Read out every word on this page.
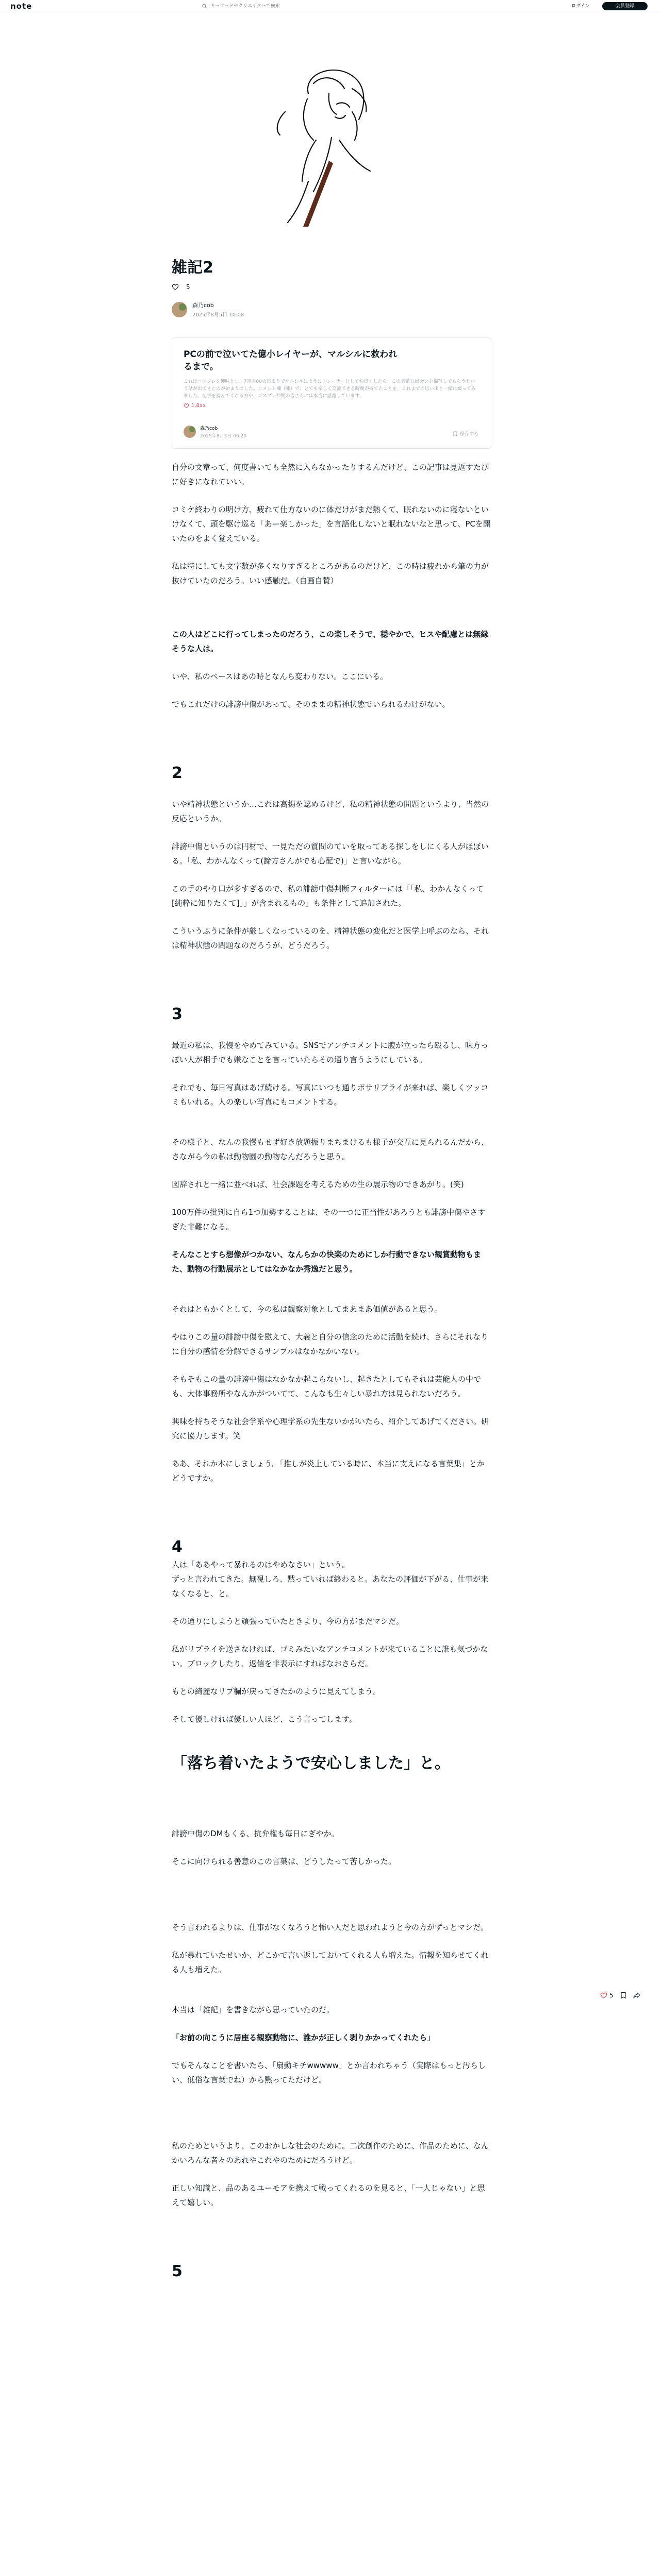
note
キーワードやクリエイターで検索	ログイン	会員登録
雑記2
5
森乃cob
2025年8月5日 10:08
PCの前で泣いてた億小レイヤーが、マルシルに救われるまで。
これはコスプレを趣味とし、7月の00の集まりでマルシルにようにトレーナーとして仲良くしたら、この素敵な出会いを描写してもらうという話が出てきたのが始まりでした。コメント欄（嘘）で、とても楽しく交流できる時間が持てたことを、これまでの思い出と一緒に綴ってみました。記事を読んでくれる方や、コスプレ仲間の皆さんには本当に感謝しています。
1,8xx
森乃cob
2025年8月3日 06:20	保存する
自分の文章って、何度書いても全然に入らなかったりするんだけど、この記事は見返すたびに好きになれていい。
コミケ終わりの明け方、疲れて仕方ないのに体だけがまだ熱くて、眠れないのに寝ないといけなくて、頭を駆け巡る「あー楽しかった」を言語化しないと眠れないなと思って、PCを開いたのをよく覚えている。
私は特にしても文字数が多くなりすぎるところがあるのだけど、この時は疲れから筆の力が抜けていたのだろう。いい感触だ。（自画自賛）
この人はどこに行ってしまったのだろう、この楽しそうで、穏やかで、ヒスや配慮とは無縁そうな人は。
いや、私のベースはあの時となんら変わりない。ここにいる。
でもこれだけの誹謗中傷があって、そのままの精神状態でいられるわけがない。
2
いや精神状態というか…これは高揚を認めるけど、私の精神状態の問題というより、当然の反応というか。
誹謗中傷というのは円材で、一見ただの質問のていを取ってある探しをしにくる人がほぼいる。「私、わかんなくって(諦方さんがでも心配で)」と言いながら。
この手のやり口が多すぎるので、私の誹謗中傷判断フィルターには「「私、わかんなくって[純粋に知りたくて]」」が含まれるもの」も条件として追加された。
こういうふうに条件が厳しくなっているのを、精神状態の変化だと医学上呼ぶのなら、それは精神状態の問題なのだろうが、どうだろう。
3
最近の私は、我慢をやめてみている。SNSでアンチコメントに腹が立ったら殴るし、味方っぽい人が相手でも嫌なことを言っていたらその通り言うようにしている。
それでも、毎日写真はあげ続ける。写真にいつも通りポサリプライが来れば、楽しくツッコミもいれる。人の楽しい写真にもコメントする。
その様子と、なんの我慢もせず好き放題振りまちまけるも様子が交互に見られるんだから、さながら今の私は動物園の動物なんだろうと思う。
図辞されと一緒に並べれば、社会課題を考えるための生の展示物のできあがり。(笑)
100万件の批判に自ら1つ加勢することは、その一つに正当性があろうとも誹謗中傷やさすぎた非難になる。
そんなことすら想像がつかない、なんらかの快楽のためにしか行動できない観賞動物もまた、動物の行動展示としてはなかなか秀逸だと思う。
それはともかくとして、今の私は観察対象としてまあまあ価値があると思う。
やはりこの量の誹謗中傷を慰えて、大義と自分の信念のために活動を続け、さらにそれなりに自分の感情を分解できるサンプルはなかなかいない。
そもそもこの量の誹謗中傷はなかなか起こらないし、起きたとしてもそれは芸能人の中でも、大体事務所やなんかがついてて、こんなも生々しい暴れ方は見られないだろう。
興味を持ちそうな社会学系や心理学系の先生ないかがいたら、紹介してあげてください。研究に協力します。笑
ああ、それか本にしましょう。「推しが炎上している時に、本当に支えになる言葉集」とかどうですか。
4
人は「ああやって暴れるのはやめなさい」という。
ずっと言われてきた。無視しろ、黙っていれば終わると。あなたの評価が下がる、仕事が来なくなると、と。
その通りにしようと頑張っていたときより、今の方がまだマシだ。
私がリプライを送さなければ、ゴミみたいなアンチコメントが来ていることに誰も気づかない。ブロックしたり、返信を非表示にすればなおさらだ。
もとの綺麗なリプ欄が戻ってきたかのように見えてしまう。
そして優しければ優しい人ほど、こう言ってします。
「落ち着いたようで安心しました」と。
誹謗中傷のDMもくる、抗弁権も毎日にぎやか。
そこに向けられる善意のこの言葉は、どうしたって苦しかった。
そう言われるよりは、仕事がなくなろうと怖い人だと思われようと今の方がずっとマシだ。
私が暴れていたせいか、どこかで言い返しておいてくれる人も増えた。情報を知らせてくれる人も増えた。
本当は「雑記」を書きながら思っていたのだ。
「お前の向こうに居座る観察動物に、誰かが正しく剥りかかってくれたら」
でもそんなことを書いたら、「扇動キチwwwww」とか言われちゃう（実際はもっと汚らしい、低俗な言葉でね）から黙ってただけど。
私のためというより、このおかしな社会のために。二次創作のために、作品のために、なんかいろんな者々のあれやこれやのためにだろうけど。
正しい知識と、品のあるユーモアを携えて戦ってくれるのを見ると、「一人じゃない」と思えて嬉しい。
5
5
